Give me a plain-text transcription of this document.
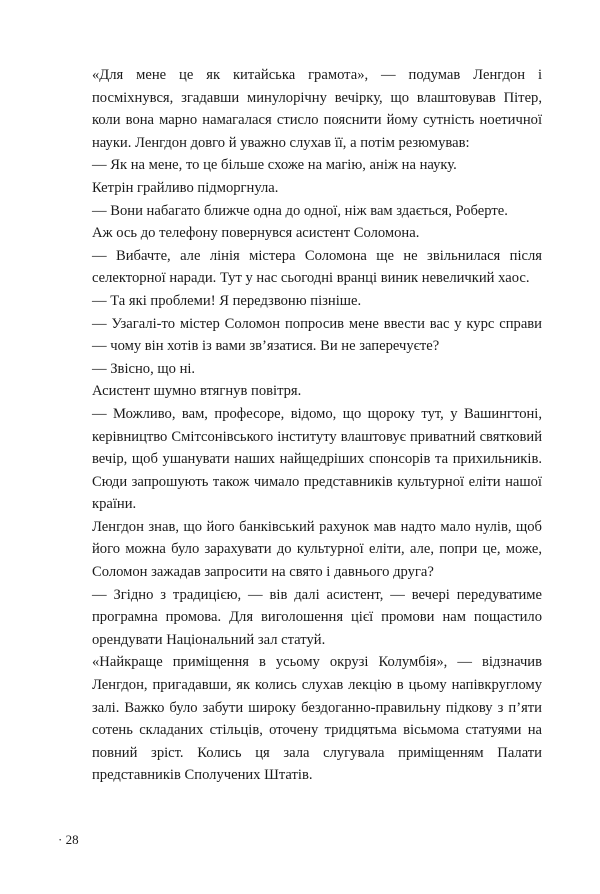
«Для мене це як китайська грамота», — подумав Ленгдон і посміхнувся, згадавши минулорічну вечірку, що влаштовував Пітер, коли вона марно намагалася стисло пояснити йому сутність ноетичної науки. Ленгдон довго й уважно слухав її, а потім резюмував:

— Як на мене, то це більше схоже на магію, аніж на науку.

Кетрін грайливо підморгнула.

— Вони набагато ближче одна до одної, ніж вам здається, Роберте.

Аж ось до телефону повернувся асистент Соломона.

— Вибачте, але лінія містера Соломона ще не звільнилася після селекторної наради. Тут у нас сьогодні вранці виник невеличкий хаос.

— Та які проблеми! Я передзвоню пізніше.

— Узагалі-то містер Соломон попросив мене ввести вас у курс справи — чому він хотів із вами зв’язатися. Ви не заперечуєте?

— Звісно, що ні.

Асистент шумно втягнув повітря.

— Можливо, вам, професоре, відомо, що щороку тут, у Вашингтоні, керівництво Смітсонівського інституту влаштовує приватний святковий вечір, щоб ушанувати наших найщедріших спонсорів та прихильників. Сюди запрошують також чимало представників культурної еліти нашої країни.

Ленгдон знав, що його банківський рахунок мав надто мало нулів, щоб його можна було зарахувати до культурної еліти, але, попри це, може, Соломон зажадав запросити на свято і давнього друга?

— Згідно з традицією, — вів далі асистент, — вечері передуватиме програмна промова. Для виголошення цієї промови нам пощастило орендувати Національний зал статуй.

«Найкраще приміщення в усьому окрузі Колумбія», — відзначив Ленгдон, пригадавши, як колись слухав лекцію в цьому напівкруглому залі. Важко було забути широку бездоганно-правильну підкову з п’яти сотень складаних стільців, оточену тридцятьма вісьмома статуями на повний зріст. Колись ця зала слугувала приміщенням Палати представників Сполучених Штатів.

· 28
